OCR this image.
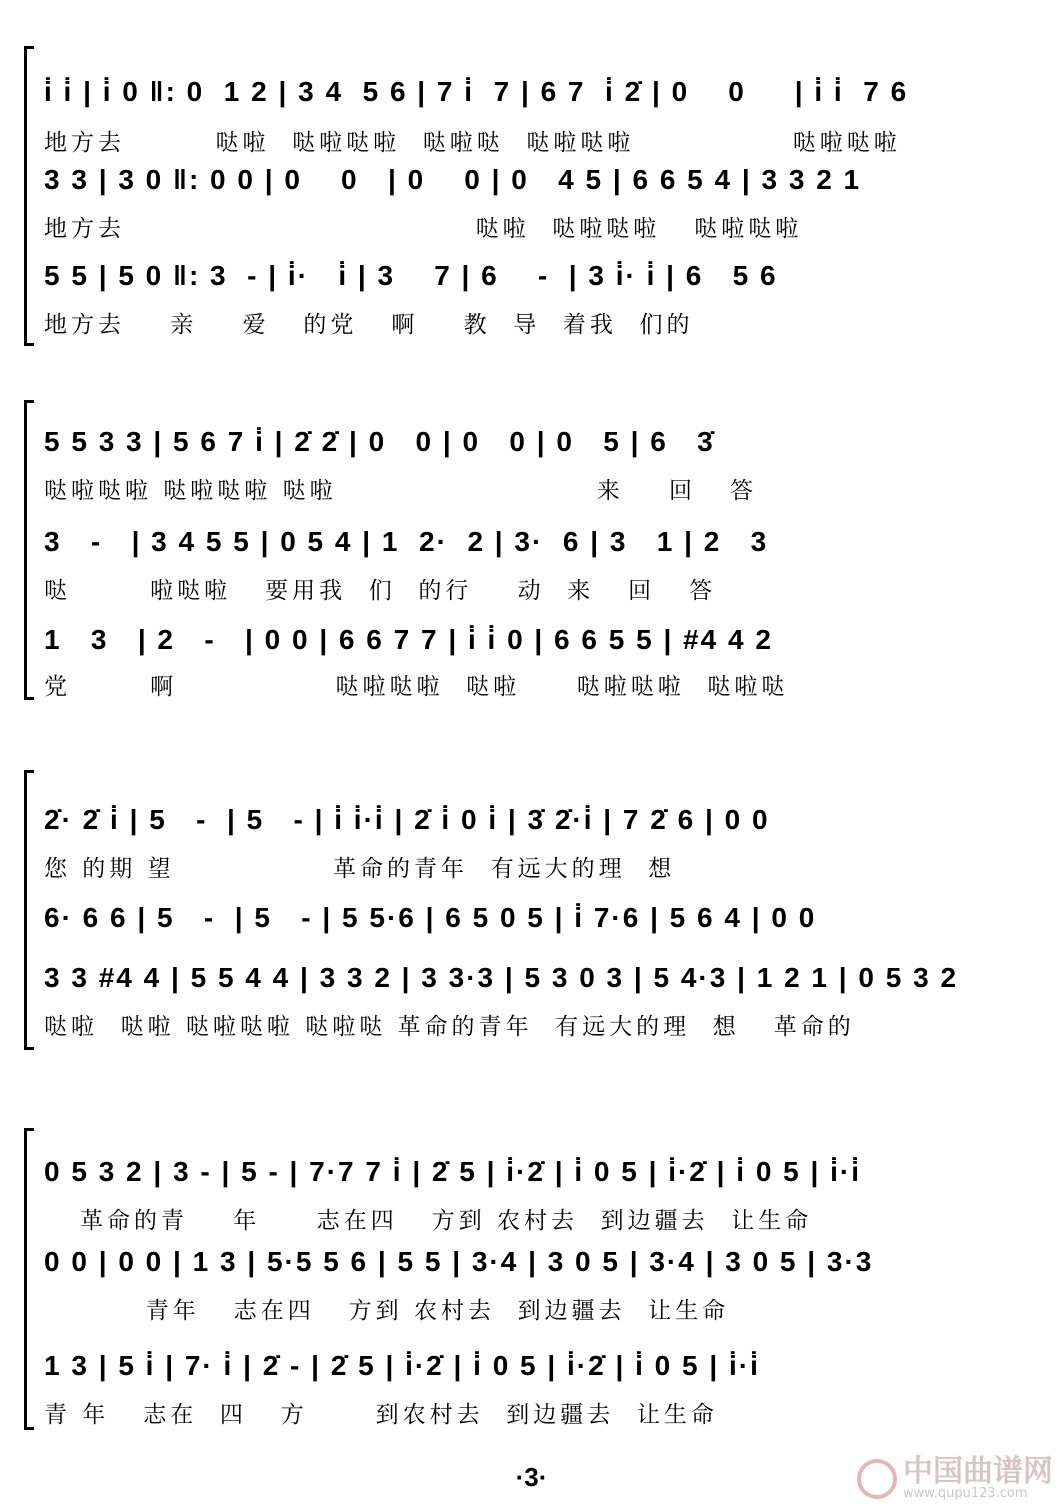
i̇ i̇ | i̇ 0 ‖: 0  1 2 | 3 4  5 6 | 7 i̇  7 | 6 7  i̇ 2̇ | 0    0     | i̇ i̇  7 6
地方去        哒啦  哒啦哒啦  哒啦哒  哒啦哒啦              哒啦哒啦
3 3 | 3 0 ‖: 0 0 | 0    0   | 0    0 | 0   4 5 | 6 6 5 4 | 3 3 2 1
地方去                               哒啦  哒啦哒啦   哒啦哒啦
5 5 | 5 0 ‖: 3  - | i̇·   i̇ | 3    7 | 6    -  | 3 i̇· i̇ | 6   5 6
地方去    亲    爱   的党   啊    教  导  着我  们的
5 5 3 3 | 5 6 7 i̇ | 2̇ 2̇ | 0   0 | 0   0 | 0   5 | 6   3̇
哒啦哒啦 哒啦哒啦 哒啦                       来    回   答
3   -   | 3 4 5 5 | 0 5 4 | 1  2·  2 | 3·  6 | 3   1 | 2   3
哒       啦哒啦   要用我  们  的行    动  来   回   答
1   3   | 2   -   | 0 0 | 6 6 7 7 | i̇ i̇ 0 | 6 6 5 5 | #4 4 2
党       啊              哒啦哒啦  哒啦     哒啦哒啦  哒啦哒
2̇· 2̇ i̇ | 5   -  | 5   - | i̇ i̇·i̇ | 2̇ i̇ 0 i̇ | 3̇ 2̇·i̇ | 7 2̇ 6 | 0 0
您 的期 望              革命的青年  有远大的理  想
6· 6 6 | 5   -  | 5   - | 5 5·6 | 6 5 0 5 | i̇ 7·6 | 5 6 4 | 0 0
3 3 #4 4 | 5 5 4 4 | 3 3 2 | 3 3·3 | 5 3 0 3 | 5 4·3 | 1 2 1 | 0 5 3 2
哒啦  哒啦 哒啦哒啦 哒啦哒 革命的青年  有远大的理  想   革命的
0 5 3 2 | 3 - | 5 - | 7·7 7 i̇ | 2̇ 5 | i̇·2̇ | i̇ 0 5 | i̇·2̇ | i̇ 0 5 | i̇·i̇
革命的青    年     志在四   方到 农村去  到边疆去  让生命
0 0 | 0 0 | 1 3 | 5·5 5 6 | 5 5 | 3·4 | 3 0 5 | 3·4 | 3 0 5 | 3·3
青年   志在四   方到 农村去  到边疆去  让生命
1 3 | 5 i̇ | 7· i̇ | 2̇ - | 2̇ 5 | i̇·2̇ | i̇ 0 5 | i̇·2̇ | i̇ 0 5 | i̇·i̇
青 年   志在  四   方      到农村去  到边疆去  让生命
·3·	中国曲谱网
www.qupu123.com
